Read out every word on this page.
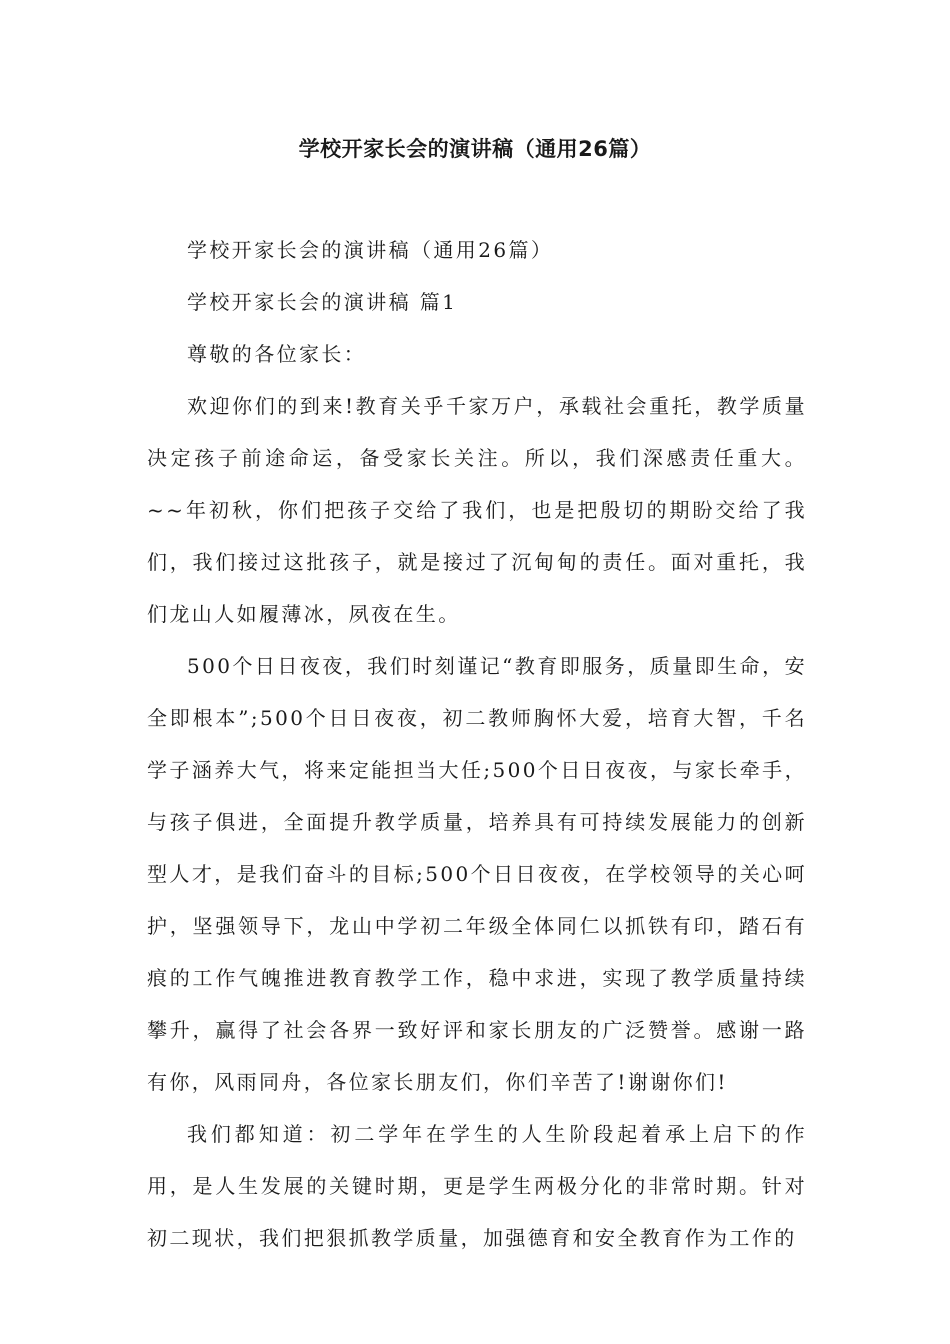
学校开家长会的演讲稿（通用26篇）

学校开家长会的演讲稿（通用26篇）

学校开家长会的演讲稿 篇1

尊敬的各位家长：

欢迎你们的到来!教育关乎千家万户，承载社会重托，教学质量决定孩子前途命运，备受家长关注。所以，我们深感责任重大。~~年初秋，你们把孩子交给了我们，也是把殷切的期盼交给了我们，我们接过这批孩子，就是接过了沉甸甸的责任。面对重托，我们龙山人如履薄冰，夙夜在生。

500个日日夜夜，我们时刻谨记“教育即服务，质量即生命，安全即根本”;500个日日夜夜，初二教师胸怀大爱，培育大智，千名学子涵养大气，将来定能担当大任;500个日日夜夜，与家长牵手，与孩子俱进，全面提升教学质量，培养具有可持续发展能力的创新型人才，是我们奋斗的目标;500个日日夜夜，在学校领导的关心呵护，坚强领导下，龙山中学初二年级全体同仁以抓铁有印，踏石有痕的工作气魄推进教育教学工作，稳中求进，实现了教学质量持续攀升，赢得了社会各界一致好评和家长朋友的广泛赞誉。感谢一路有你，风雨同舟，各位家长朋友们，你们辛苦了!谢谢你们!

我们都知道：初二学年在学生的人生阶段起着承上启下的作用，是人生发展的关键时期，更是学生两极分化的非常时期。针对初二现状，我们把狠抓教学质量，加强德育和安全教育作为工作的
